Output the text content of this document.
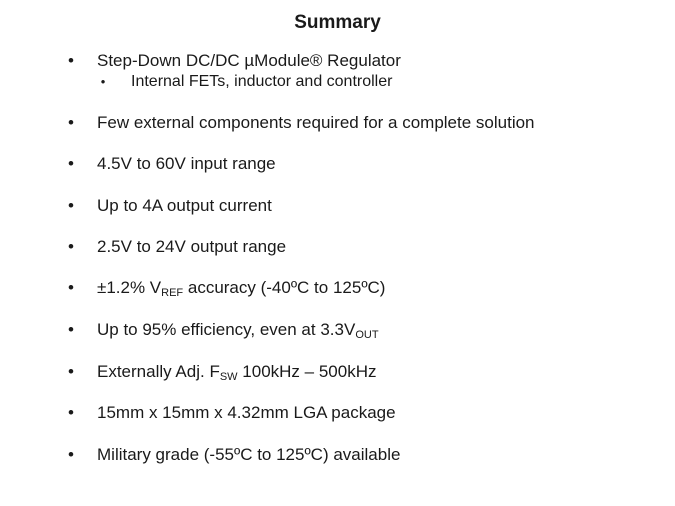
Summary
• Step-Down DC/DC µModule® Regulator
• Internal FETs, inductor and controller
• Few external components required for a complete solution
• 4.5V to 60V input range
• Up to 4A output current
• 2.5V to 24V output range
• ±1.2% $V_{REF}$ accuracy (-40ºC to 125ºC)
• Up to 95% efficiency, even at $3.3V_{OUT}$
• Externally Adj. $F_{SW}$ 100kHz – 500kHz
• 15mm x 15mm x 4.32mm LGA package
• Military grade (-55ºC to 125ºC) available
